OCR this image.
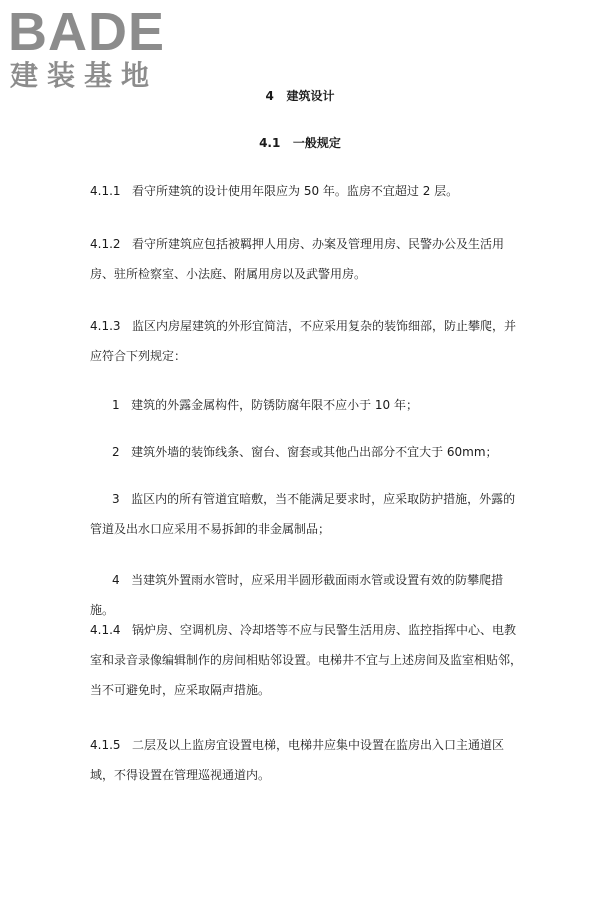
BADE
建装基地
4 建筑设计
4.1 一般规定

4.1.1 看守所建筑的设计使用年限应为 50 年。监房不宜超过 2 层。

4.1.2 看守所建筑应包括被羁押人用房、办案及管理用房、民警办公及生活用房、驻所检察室、小法庭、附属用房以及武警用房。

4.1.3 监区内房屋建筑的外形宜简洁，不应采用复杂的装饰细部，防止攀爬，并应符合下列规定：

1 建筑的外露金属构件，防锈防腐年限不应小于 10 年；

2 建筑外墙的装饰线条、窗台、窗套或其他凸出部分不宜大于 60mm；

3 监区内的所有管道宜暗敷，当不能满足要求时，应采取防护措施，外露的管道及出水口应采用不易拆卸的非金属制品；

4 当建筑外置雨水管时，应采用半圆形截面雨水管或设置有效的防攀爬措施。

4.1.4 锅炉房、空调机房、冷却塔等不应与民警生活用房、监控指挥中心、电教室和录音录像编辑制作的房间相贴邻设置。电梯井不宜与上述房间及监室相贴邻，当不可避免时，应采取隔声措施。

4.1.5 二层及以上监房宜设置电梯，电梯井应集中设置在监房出入口主通道区域，不得设置在管理巡视通道内。
